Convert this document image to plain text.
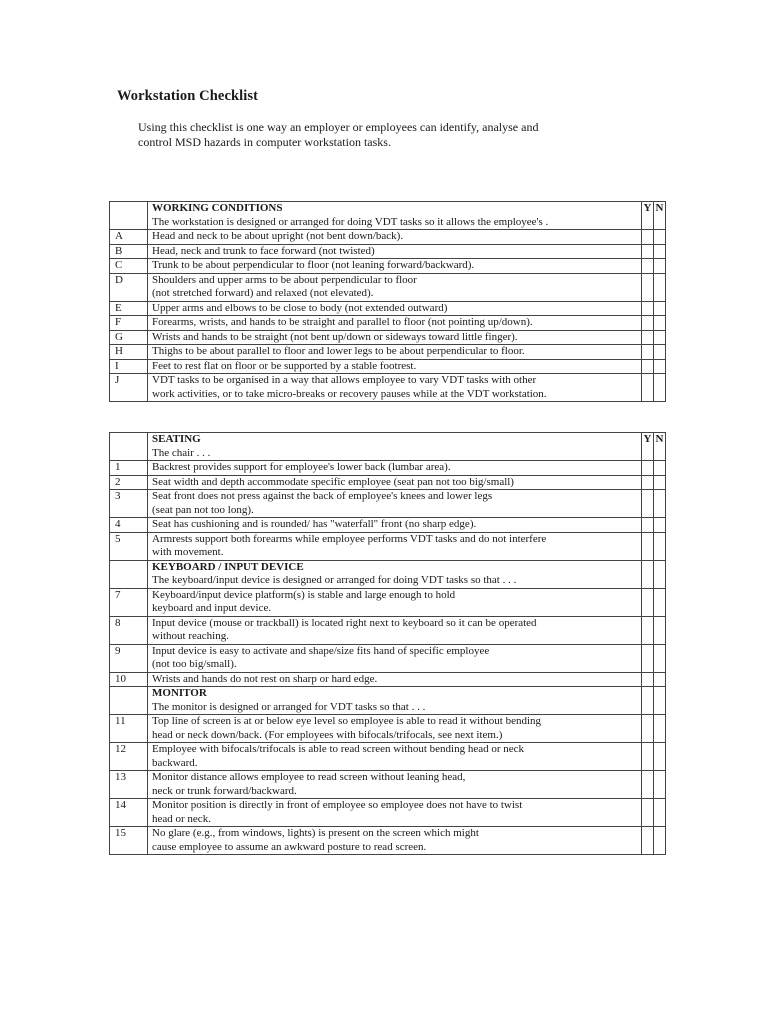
Workstation Checklist
Using this checklist is one way an employer or employees can identify, analyse and
control MSD hazards in computer workstation tasks.

	WORKING CONDITIONS
The workstation is designed or arranged for doing VDT tasks so it allows the employee's .	Y	N
A	Head and neck to be about upright (not bent down/back).		

B	Head, neck and trunk to face forward (not twisted)		

C	Trunk to be about perpendicular to floor (not leaning forward/backward).		

D	Shoulders and upper arms to be about perpendicular to floor
(not stretched forward) and relaxed (not elevated).		

E	Upper arms and elbows to be close to body (not extended outward)		

F	Forearms, wrists, and hands to be straight and parallel to floor (not pointing up/down).		

G	Wrists and hands to be straight (not bent up/down or sideways toward little finger).		

H	Thighs to be about parallel to floor and lower legs to be about perpendicular to floor.		

I	Feet to rest flat on floor or be supported by a stable footrest.		

J	VDT tasks to be organised in a way that allows employee to vary VDT tasks with other
work activities, or to take micro-breaks or recovery pauses while at the VDT workstation.		

	SEATING
The chair . . .	Y	N
1	Backrest provides support for employee's lower back (lumbar area).		

2	Seat width and depth accommodate specific employee (seat pan not too big/small)		

3	Seat front does not press against the back of employee's knees and lower legs
(seat pan not too long).		

4	Seat has cushioning and is rounded/ has "waterfall" front (no sharp edge).		

5	Armrests support both forearms while employee performs VDT tasks and do not interfere
with movement.		

	KEYBOARD / INPUT DEVICE
The keyboard/input device is designed or arranged for doing VDT tasks so that . . .		

7	Keyboard/input device platform(s) is stable and large enough to hold
keyboard and input device.		

8	Input device (mouse or trackball) is located right next to keyboard so it can be operated
without reaching.		

9	Input device is easy to activate and shape/size fits hand of specific employee
(not too big/small).		

10	Wrists and hands do not rest on sharp or hard edge.		

	MONITOR
The monitor is designed or arranged for VDT tasks so that . . .		

11	Top line of screen is at or below eye level so employee is able to read it without bending
head or neck down/back. (For employees with bifocals/trifocals, see next item.)		

12	Employee with bifocals/trifocals is able to read screen without bending head or neck
backward.		

13	Monitor distance allows employee to read screen without leaning head,
neck or trunk forward/backward.		

14	Monitor position is directly in front of employee so employee does not have to twist
head or neck.		

15	No glare (e.g., from windows, lights) is present on the screen which might
cause employee to assume an awkward posture to read screen.		
